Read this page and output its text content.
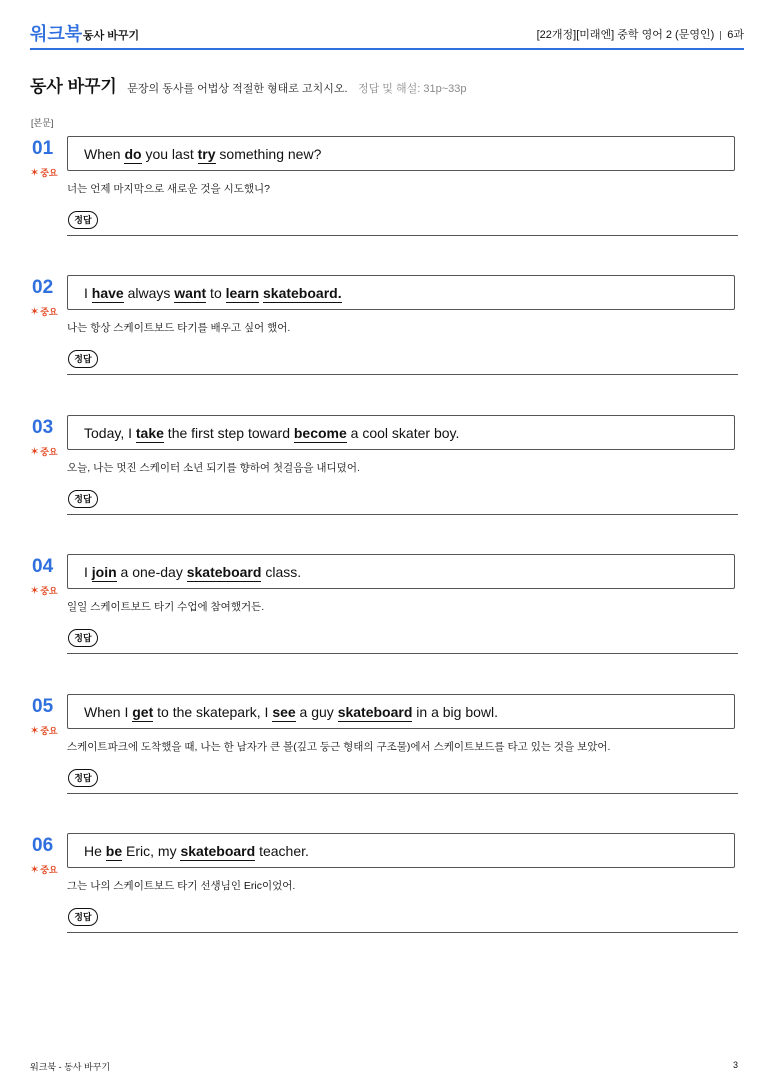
워크북 동사 바꾸기	[22개정][미래엔] 중학 영어 2 (문영인) 6과
동사 바꾸기 문장의 동사를 어법상 적절한 형태로 고치시오. 정답 및 해설: 31p~33p
[본문]
01
✶중요
When do you last try something new?
너는 언제 마지막으로 새로운 것을 시도했니?
정답
02
✶중요
I have always want to learn skateboard.
나는 항상 스케이트보드 타기를 배우고 싶어 했어.
정답
03
✶중요
Today, I take the first step toward become a cool skater boy.
오늘, 나는 멋진 스케이터 소년 되기를 향하여 첫걸음을 내디뎠어.
정답
04
✶중요
I join a one-day skateboard class.
일일 스케이트보드 타기 수업에 참여했거든.
정답
05
✶중요
When I get to the skatepark, I see a guy skateboard in a big bowl.
스케이트파크에 도착했을 때, 나는 한 남자가 큰 볼(깊고 둥근 형태의 구조물)에서 스케이트보드를 타고 있는 것을 보았어.
정답
06
✶중요
He be Eric, my skateboard teacher.
그는 나의 스케이트보드 타기 선생님인 Eric이었어.
정답
워크북 - 동사 바꾸기	3
